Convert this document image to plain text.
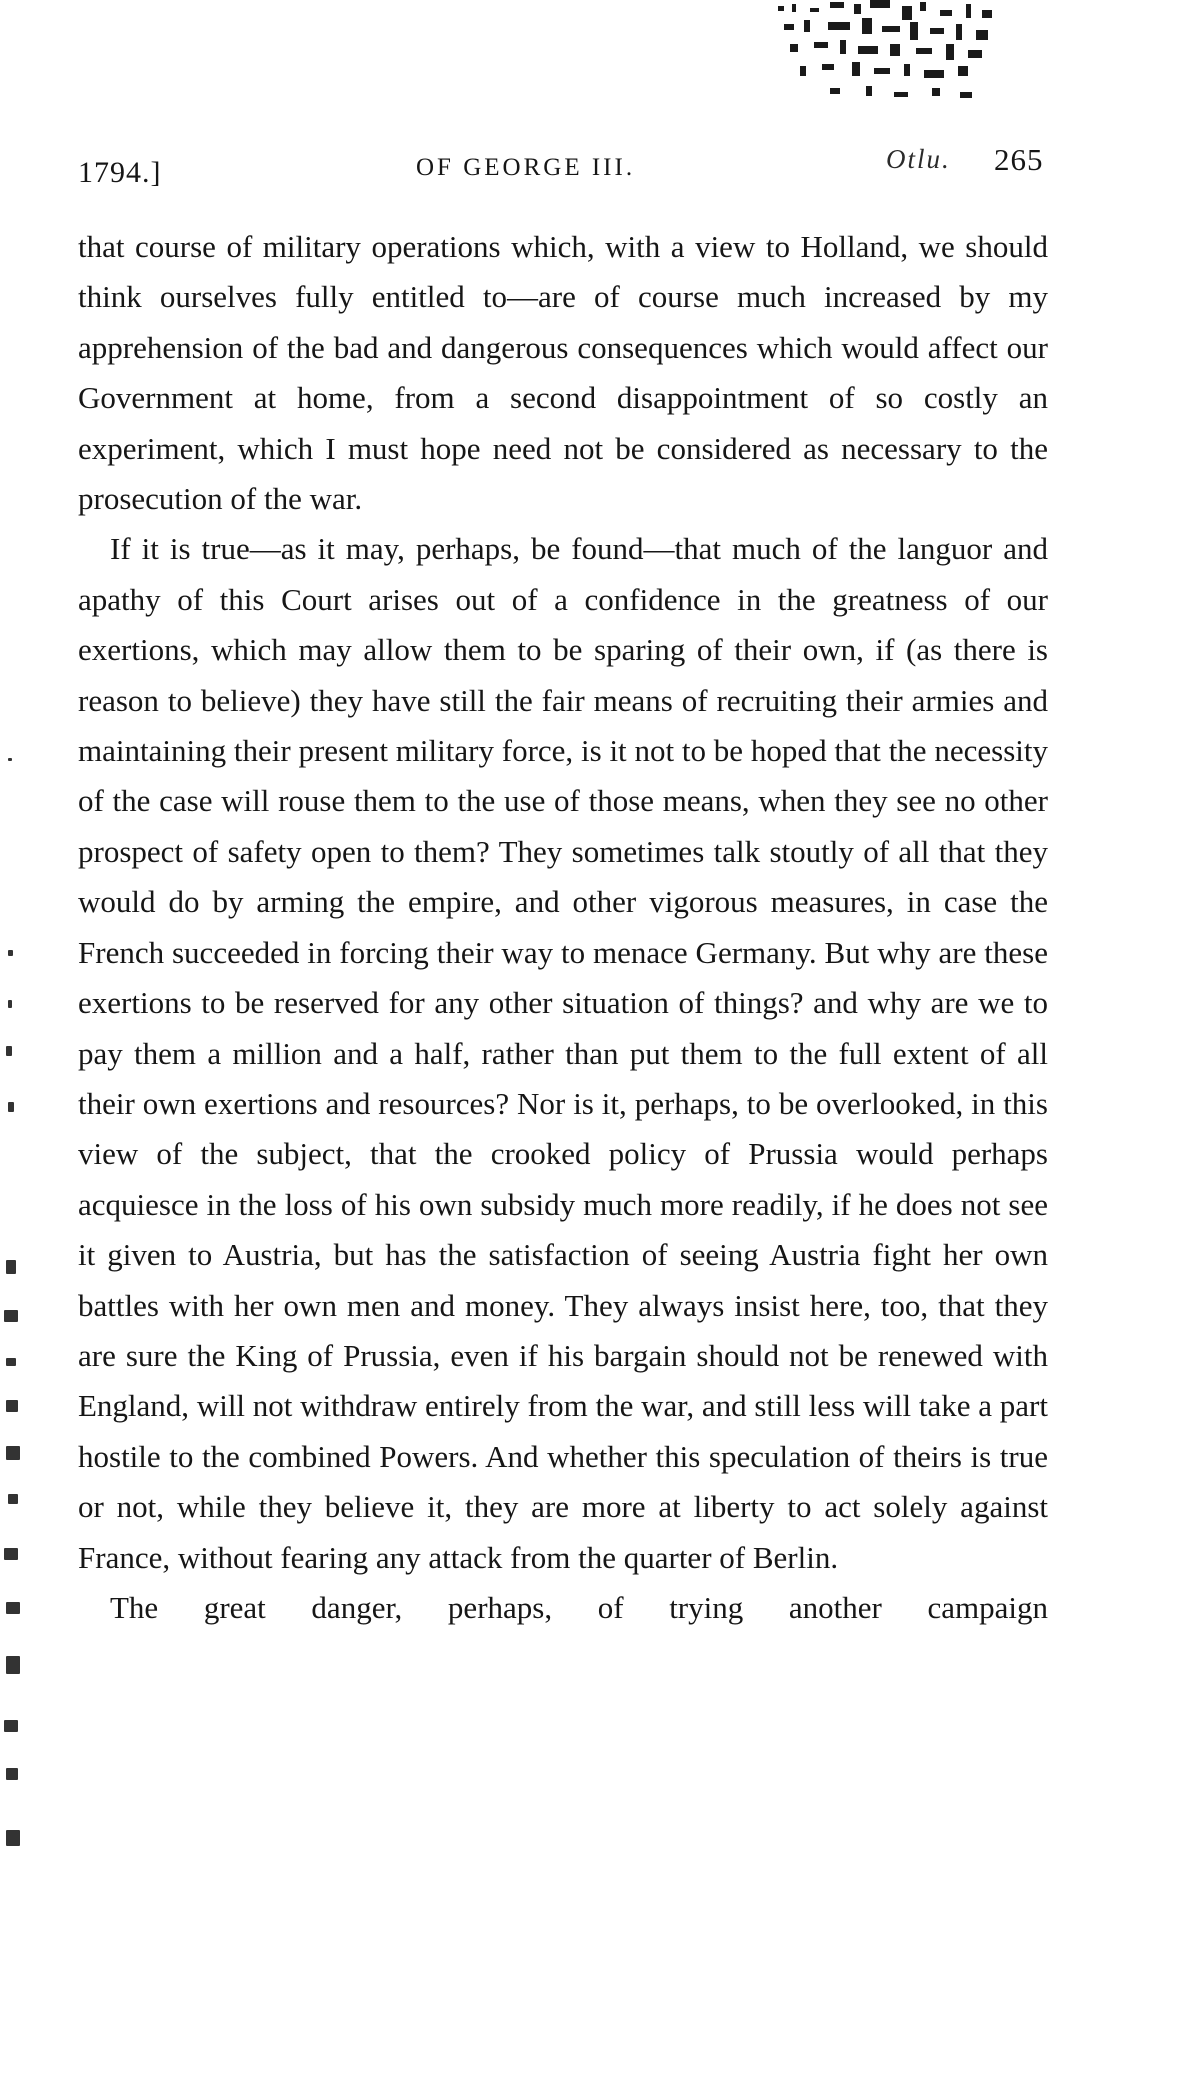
1794.]	OF GEORGE III.	Otlu. 265

that course of military operations which, with a view to Holland, we should think ourselves fully entitled to—are of course much increased by my apprehension of the bad and dangerous consequences which would affect our Government at home, from a second disappointment of so costly an experiment, which I must hope need not be considered as necessary to the prosecution of the war.

If it is true—as it may, perhaps, be found—that much of the languor and apathy of this Court arises out of a confidence in the greatness of our exertions, which may allow them to be sparing of their own, if (as there is reason to believe) they have still the fair means of recruiting their armies and maintaining their present military force, is it not to be hoped that the necessity of the case will rouse them to the use of those means, when they see no other prospect of safety open to them? They sometimes talk stoutly of all that they would do by arming the empire, and other vigorous measures, in case the French succeeded in forcing their way to menace Germany. But why are these exertions to be reserved for any other situation of things? and why are we to pay them a million and a half, rather than put them to the full extent of all their own exertions and resources? Nor is it, perhaps, to be overlooked, in this view of the subject, that the crooked policy of Prussia would perhaps acquiesce in the loss of his own subsidy much more readily, if he does not see it given to Austria, but has the satisfaction of seeing Austria fight her own battles with her own men and money. They always insist here, too, that they are sure the King of Prussia, even if his bargain should not be renewed with England, will not withdraw entirely from the war, and still less will take a part hostile to the combined Powers. And whether this speculation of theirs is true or not, while they believe it, they are more at liberty to act solely against France, without fearing any attack from the quarter of Berlin.

The great danger, perhaps, of trying another campaign
